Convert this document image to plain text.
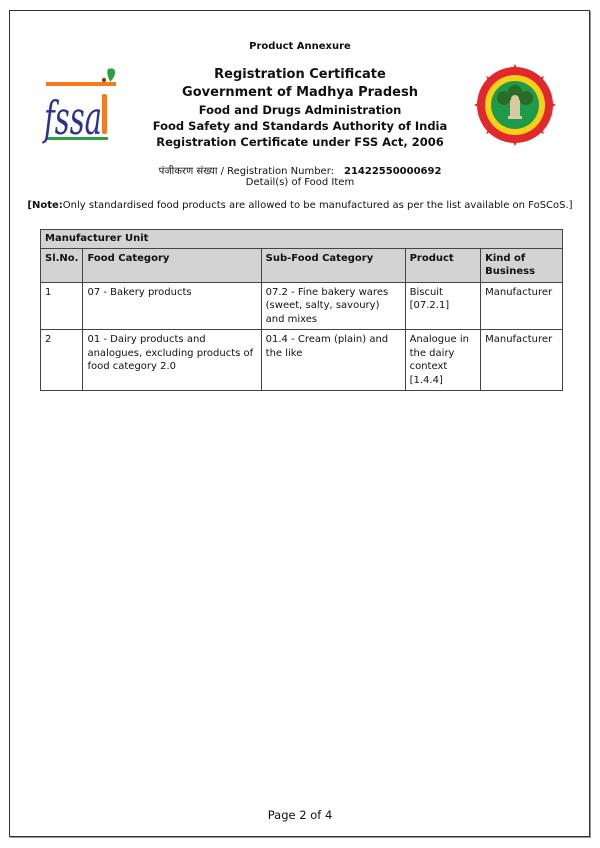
Product Annexure
fssa
Registration Certificate
Government of Madhya Pradesh
Food and Drugs Administration
Food Safety and Standards Authority of India
Registration Certificate under FSS Act, 2006
पंजीकरण संख्या / Registration Number: 21422550000692
Detail(s) of Food Item
[Note:Only standardised food products are allowed to be manufactured as per the list available on FoSCoS.]
Manufacturer Unit				
Sl.No.	Food Category	Sub-Food Category	Product	Kind of Business
1	07 - Bakery products	07.2 - Fine bakery wares (sweet, salty, savoury) and mixes	Biscuit [07.2.1]	Manufacturer
2	01 - Dairy products and analogues, excluding products of food category 2.0	01.4 - Cream (plain) and the like	Analogue in the dairy context [1.4.4]	Manufacturer
Page 2 of 4
